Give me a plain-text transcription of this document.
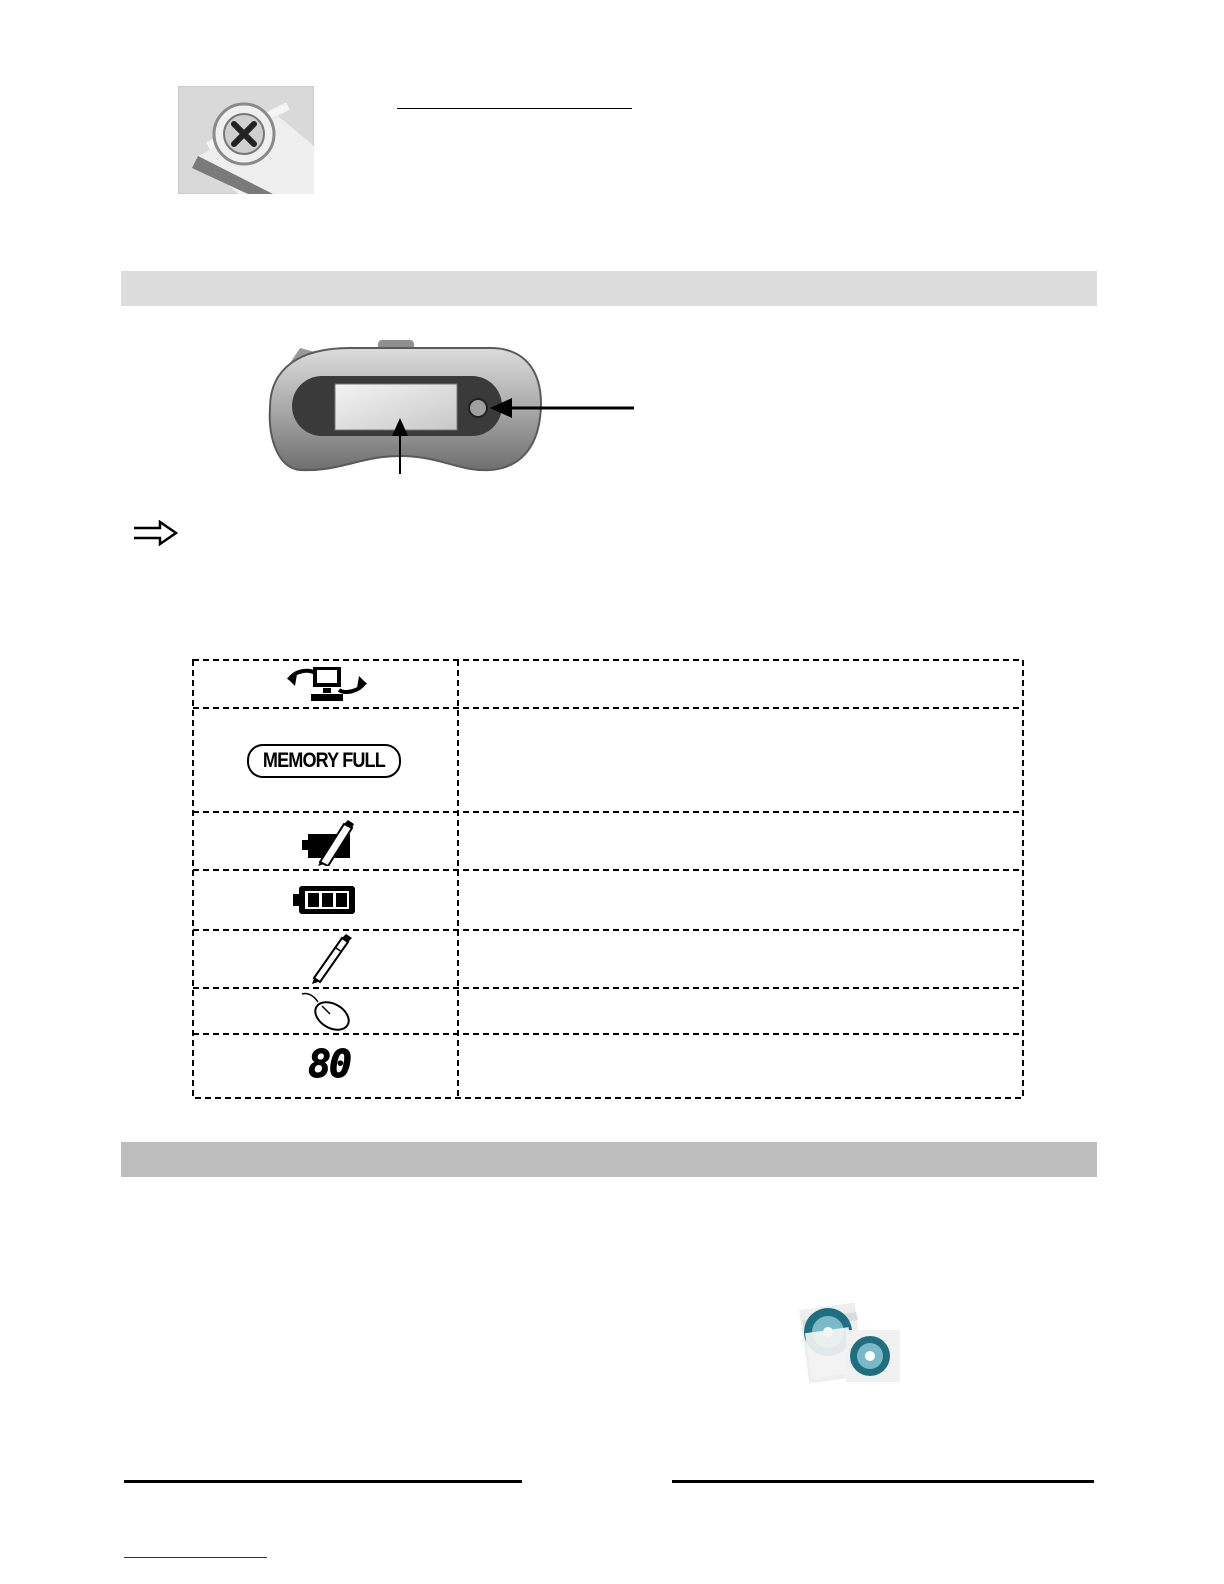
MEMORY FULL
80
